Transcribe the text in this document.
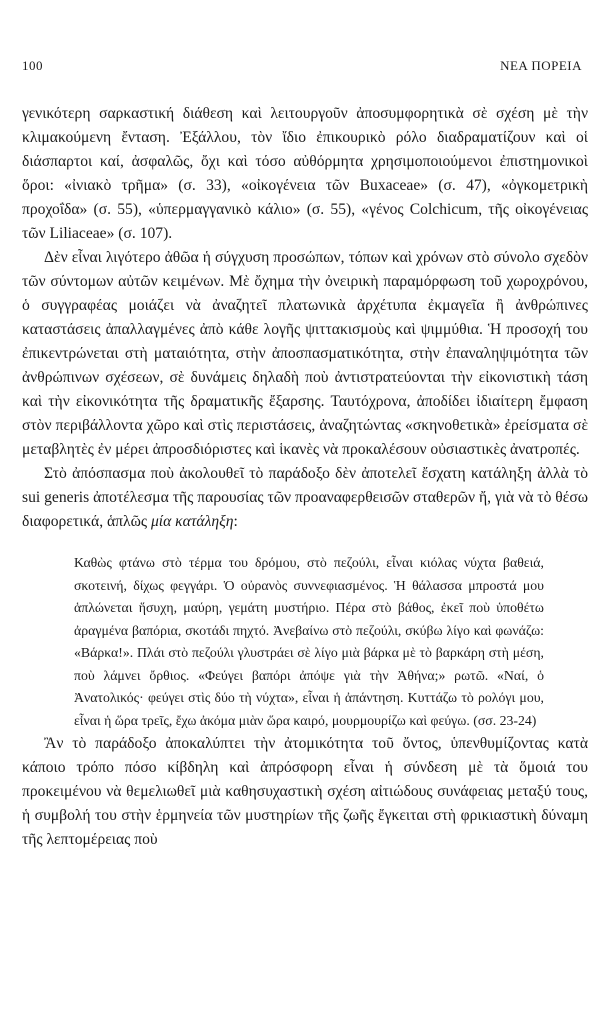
100	ΝΕΑ ΠΟΡΕΙΑ

γενικότερη σαρκαστική διάθεση καὶ λειτουργοῦν ἀποσυμφορητικὰ σὲ σχέση μὲ τὴν κλιμακούμενη ἔνταση. Ἐξάλλου, τὸν ἴδιο ἐπικουρικὸ ρόλο διαδραματίζουν καὶ οἱ διάσπαρτοι καί, ἀσφαλῶς, ὄχι καὶ τόσο αὐθόρμητα χρησιμοποιούμενοι ἐπιστημονικοὶ ὅροι: «ἰνιακὸ τρῆμα» (σ. 33), «οἰκογένεια τῶν Buxaceae» (σ. 47), «ὀγκομετρικὴ προχοΐδα» (σ. 55), «ὑπερμαγγανικὸ κάλιο» (σ. 55), «γένος Colchicum, τῆς οἰκογένειας τῶν Liliaceae» (σ. 107).

Δὲν εἶναι λιγότερο ἀθῶα ἡ σύγχυση προσώπων, τόπων καὶ χρόνων στὸ σύνολο σχεδὸν τῶν σύντομων αὐτῶν κειμένων. Μὲ ὄχημα τὴν ὀνειρικὴ παραμόρφωση τοῦ χωροχρόνου, ὁ συγγραφέας μοιάζει νὰ ἀναζητεῖ πλατωνικὰ ἀρχέτυπα ἐκμαγεῖα ἢ ἀνθρώπινες καταστάσεις ἀπαλλαγμένες ἀπὸ κάθε λογῆς ψιττακισμοὺς καὶ ψιμμύθια. Ἡ προσοχή του ἐπικεντρώνεται στὴ ματαιότητα, στὴν ἀποσπασματικότητα, στὴν ἐπαναληψιμότητα τῶν ἀνθρώπινων σχέσεων, σὲ δυνάμεις δηλαδὴ ποὺ ἀντιστρατεύονται τὴν εἰκονιστικὴ τάση καὶ τὴν εἰκονικότητα τῆς δραματικῆς ἔξαρσης. Ταυτόχρονα, ἀποδίδει ἰδιαίτερη ἔμφαση στὸν περιβάλλοντα χῶρο καὶ στὶς περιστάσεις, ἀναζητώντας «σκηνοθετικὰ» ἐρείσματα σὲ μεταβλητὲς ἐν μέρει ἀπροσδιόριστες καὶ ἱκανὲς νὰ προκαλέσουν οὐσιαστικὲς ἀνατροπές.

Στὸ ἀπόσπασμα ποὺ ἀκολουθεῖ τὸ παράδοξο δὲν ἀποτελεῖ ἔσχατη κατάληξη ἀλλὰ τὸ sui generis ἀποτέλεσμα τῆς παρουσίας τῶν προαναφερθεισῶν σταθερῶν ἤ, γιὰ νὰ τὸ θέσω διαφορετικά, ἁπλῶς μία κατάληξη:

Καθὼς φτάνω στὸ τέρμα του δρόμου, στὸ πεζούλι, εἶναι κιόλας νύχτα βαθειά, σκοτεινή, δίχως φεγγάρι. Ὁ οὐρανὸς συννεφιασμένος. Ἡ θάλασσα μπροστά μου ἁπλώνεται ἥσυχη, μαύρη, γεμάτη μυστήριο. Πέρα στὸ βάθος, ἐκεῖ ποὺ ὑποθέτω ἀραγμένα βαπόρια, σκοτάδι πηχτό. Ἀνεβαίνω στὸ πεζούλι, σκύβω λίγο καὶ φωνάζω: «Βάρκα!». Πλάι στὸ πεζούλι γλυστράει σὲ λίγο μιὰ βάρκα μὲ τὸ βαρκάρη στὴ μέση, ποὺ λάμνει ὄρθιος. «Φεύγει βαπόρι ἀπόψε γιὰ τὴν Ἀθήνα;» ρωτῶ. «Ναί, ὁ Ἀνατολικός· φεύγει στὶς δύο τὴ νύχτα», εἶναι ἡ ἀπάντηση. Κυττάζω τὸ ρολόγι μου, εἶναι ἡ ὥρα τρεῖς, ἔχω ἀκόμα μιὰν ὥρα καιρό, μουρμουρίζω καὶ φεύγω. (σσ. 23-24)

Ἂν τὸ παράδοξο ἀποκαλύπτει τὴν ἀτομικότητα τοῦ ὄντος, ὑπενθυμίζοντας κατὰ κάποιο τρόπο πόσο κίβδηλη καὶ ἀπρόσφορη εἶναι ἡ σύνδεση μὲ τὰ ὅμοιά του προκειμένου νὰ θεμελιωθεῖ μιὰ καθησυχαστικὴ σχέση αἰτιώδους συνάφειας μεταξύ τους, ἡ συμβολή του στὴν ἑρμηνεία τῶν μυστηρίων τῆς ζωῆς ἔγκειται στὴ φρικιαστικὴ δύναμη τῆς λεπτομέρειας ποὺ
